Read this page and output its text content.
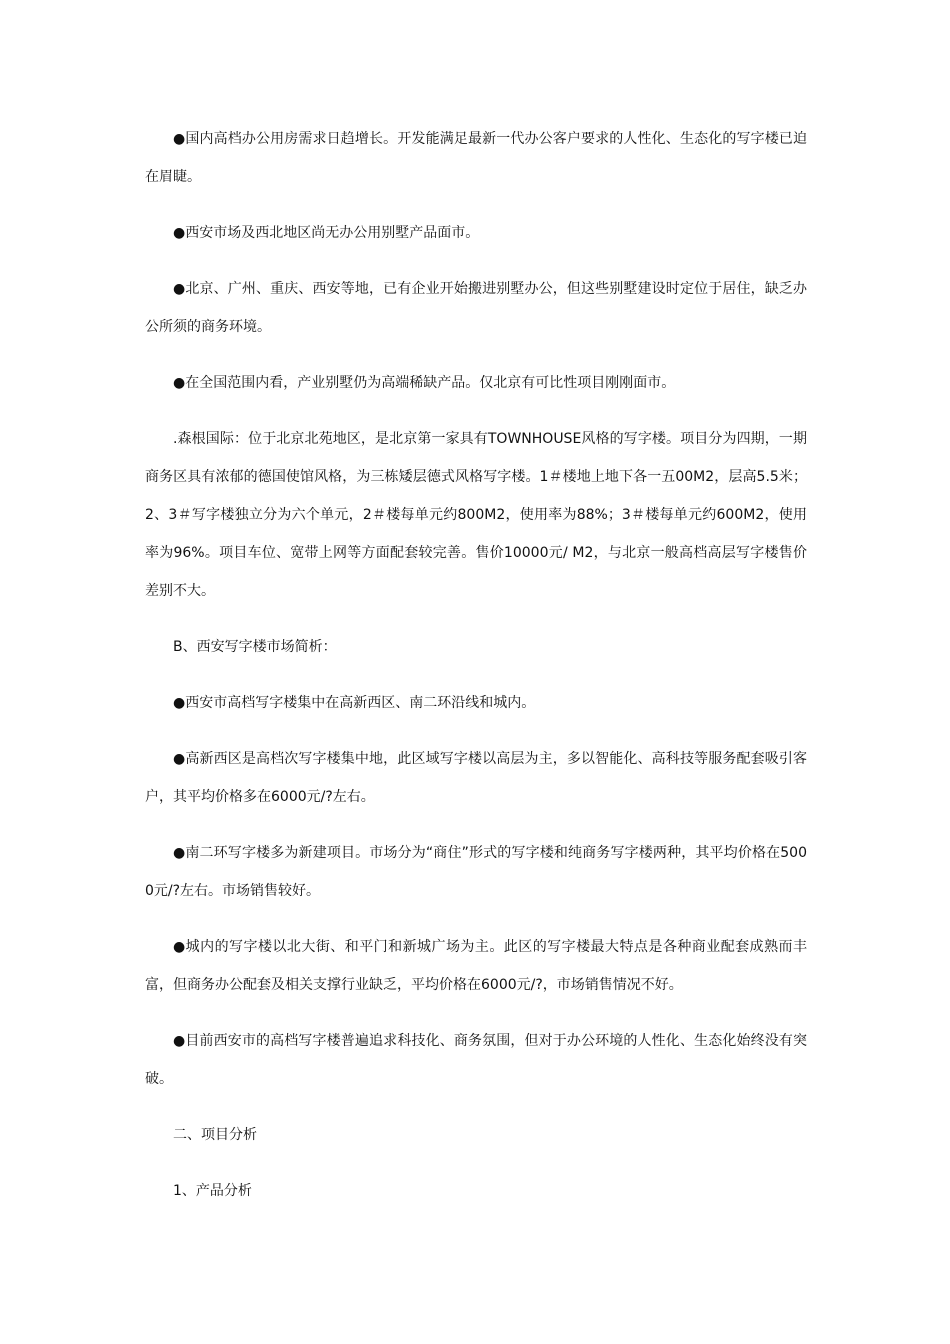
●国内高档办公用房需求日趋增长。开发能满足最新一代办公客户要求的人性化、生态化的写字楼已迫在眉睫。

●西安市场及西北地区尚无办公用别墅产品面市。

●北京、广州、重庆、西安等地，已有企业开始搬进别墅办公，但这些别墅建设时定位于居住，缺乏办公所须的商务环境。

●在全国范围内看，产业别墅仍为高端稀缺产品。仅北京有可比性项目刚刚面市。

.森根国际：位于北京北苑地区，是北京第一家具有TOWNHOUSE风格的写字楼。项目分为四期，一期商务区具有浓郁的德国使馆风格，为三栋矮层德式风格写字楼。1＃楼地上地下各一五00M2，层高5.5米；2、3＃写字楼独立分为六个单元，2＃楼每单元约800M2，使用率为88%；3＃楼每单元约600M2，使用率为96%。项目车位、宽带上网等方面配套较完善。售价10000元/ M2，与北京一般高档高层写字楼售价差别不大。

B、西安写字楼市场简析：

●西安市高档写字楼集中在高新西区、南二环沿线和城内。

●高新西区是高档次写字楼集中地，此区域写字楼以高层为主，多以智能化、高科技等服务配套吸引客户，其平均价格多在6000元/?左右。

●南二环写字楼多为新建项目。市场分为“商住”形式的写字楼和纯商务写字楼两种，其平均价格在5000元/?左右。市场销售较好。

●城内的写字楼以北大街、和平门和新城广场为主。此区的写字楼最大特点是各种商业配套成熟而丰富，但商务办公配套及相关支撑行业缺乏，平均价格在6000元/?，市场销售情况不好。

●目前西安市的高档写字楼普遍追求科技化、商务氛围，但对于办公环境的人性化、生态化始终没有突破。

二、项目分析

1、产品分析
